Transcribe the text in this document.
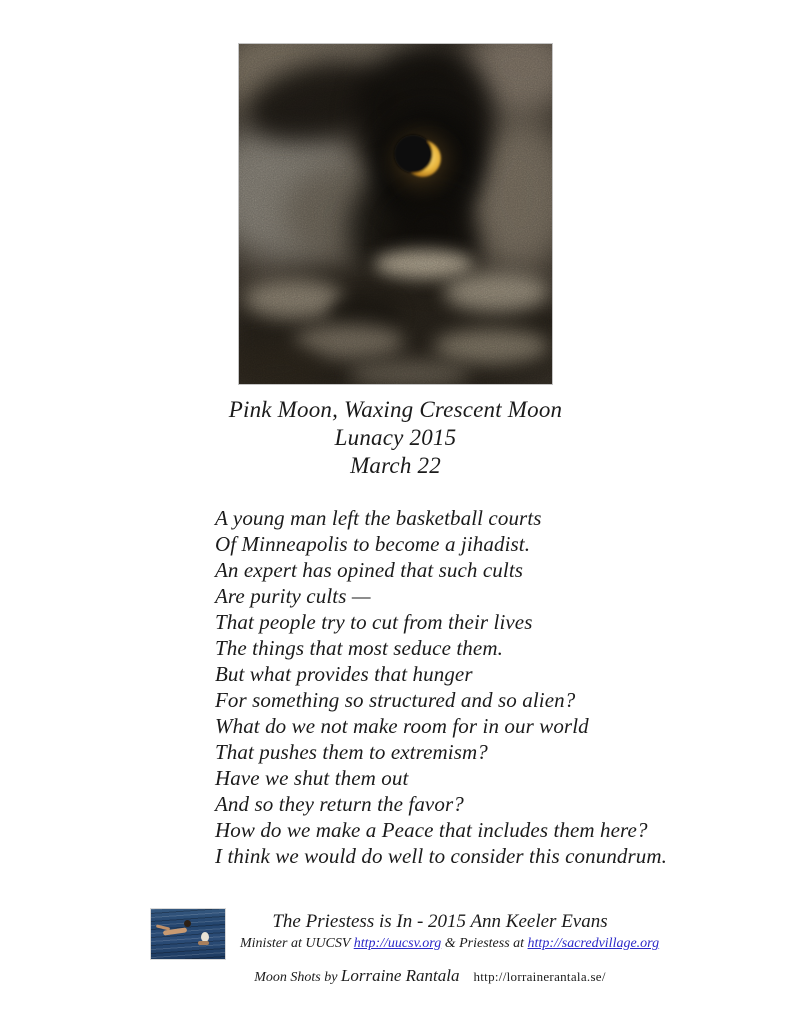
Pink Moon, Waxing Crescent Moon
Lunacy 2015
March 22
A young man left the basketball courts
Of Minneapolis to become a jihadist.
An expert has opined that such cults
Are purity cults —
That people try to cut from their lives
The things that most seduce them.
But what provides that hunger
For something so structured and so alien?
What do we not make room for in our world
That pushes them to extremism?
Have we shut them out
And so they return the favor?
How do we make a Peace that includes them here?
I think we would do well to consider this conundrum.
The Priestess is In - 2015 Ann Keeler Evans
Minister at UUCSV http://uucsv.org & Priestess at http://sacredvillage.org
Moon Shots by Lorraine Rantala http://lorrainerantala.se/
